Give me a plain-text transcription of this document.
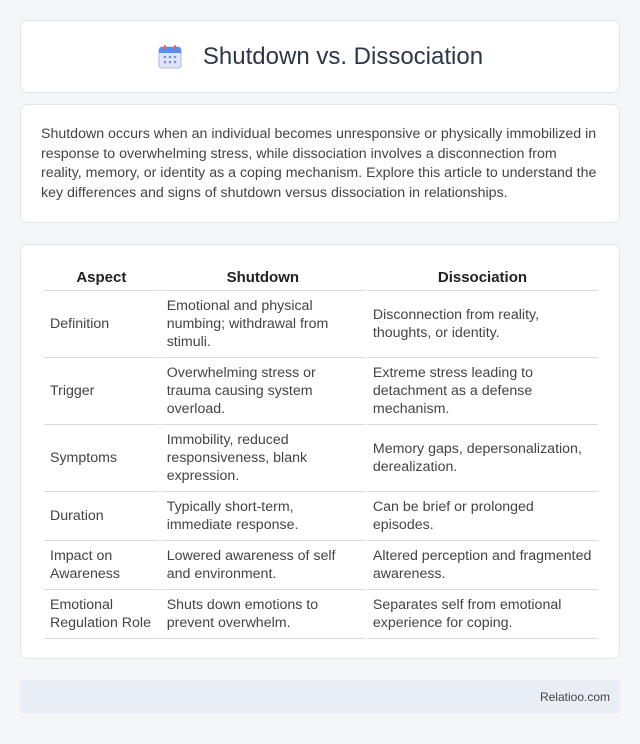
Shutdown vs. Dissociation

Shutdown occurs when an individual becomes unresponsive or physically immobilized in response to overwhelming stress, while dissociation involves a disconnection from reality, memory, or identity as a coping mechanism. Explore this article to understand the key differences and signs of shutdown versus dissociation in relationships.

Aspect	Shutdown	Dissociation
Definition	Emotional and physical numbing; withdrawal from stimuli.	Disconnection from reality, thoughts, or identity.
Trigger	Overwhelming stress or trauma causing system overload.	Extreme stress leading to detachment as a defense mechanism.
Symptoms	Immobility, reduced responsiveness, blank expression.	Memory gaps, depersonalization, derealization.
Duration	Typically short-term, immediate response.	Can be brief or prolonged episodes.
Impact on Awareness	Lowered awareness of self and environment.	Altered perception and fragmented awareness.
Emotional Regulation Role	Shuts down emotions to prevent overwhelm.	Separates self from emotional experience for coping.
Relatioo.com
